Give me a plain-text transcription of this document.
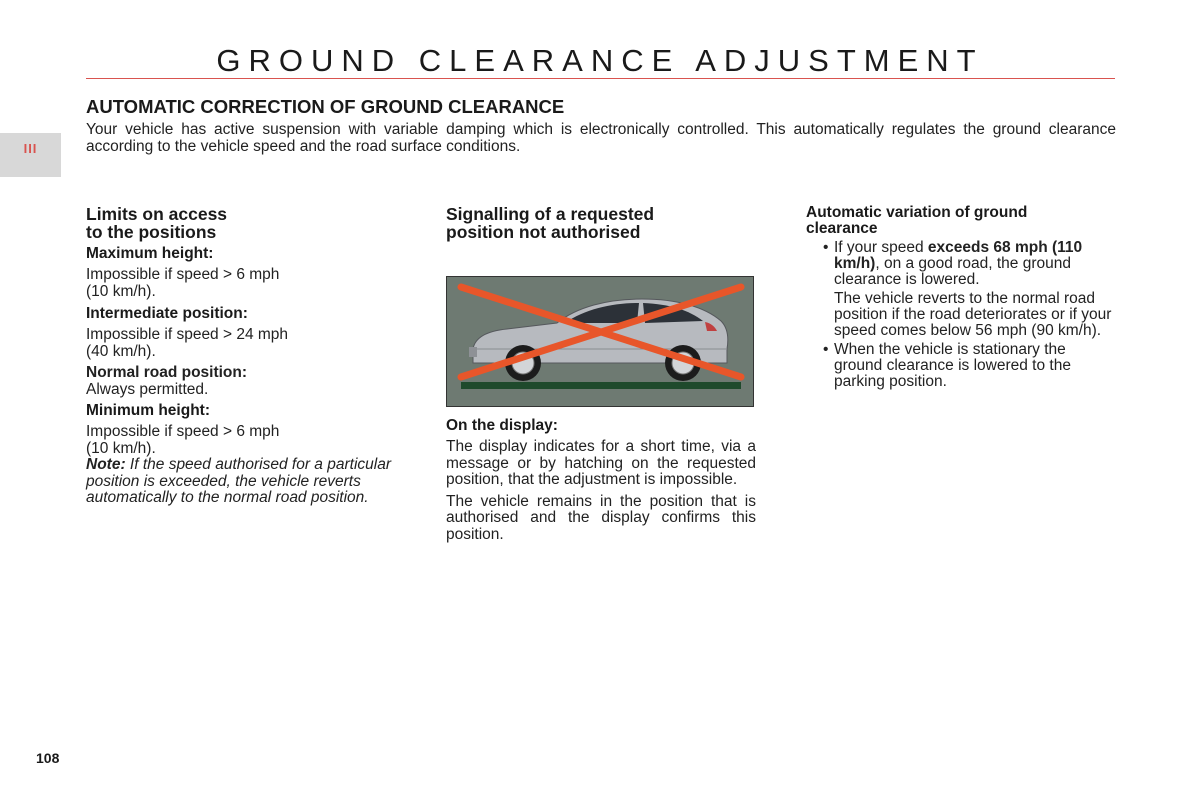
GROUND CLEARANCE ADJUSTMENT
III
AUTOMATIC CORRECTION OF GROUND CLEARANCE

Your vehicle has active suspension with variable damping which is electronically controlled. This automatically regulates the ground clearance according to the vehicle speed and the road surface conditions.

Limits on access
to the positions

Maximum height:

Impossible if speed > 6 mph
(10 km/h).

Intermediate position:

Impossible if speed > 24 mph
(40 km/h).

Normal road position:
Always permitted.

Minimum height:

Impossible if speed > 6 mph
(10 km/h).

Note: If the speed authorised for a particular position is exceeded, the vehicle reverts automatically to the normal road position.

Signalling of a requested
position not authorised

On the display:

The display indicates for a short time, via a message or by hatching on the requested position, that the adjustment is impossible.

The vehicle remains in the position that is authorised and the display confirms this position.

Automatic variation of ground
clearance

• If your speed exceeds 68 mph (110 km/h), on a good road, the ground clearance is lowered.

The vehicle reverts to the normal road position if the road deteriorates or if your speed comes below 56 mph (90 km/h).

• When the vehicle is stationary the ground clearance is lowered to the parking position.

108
